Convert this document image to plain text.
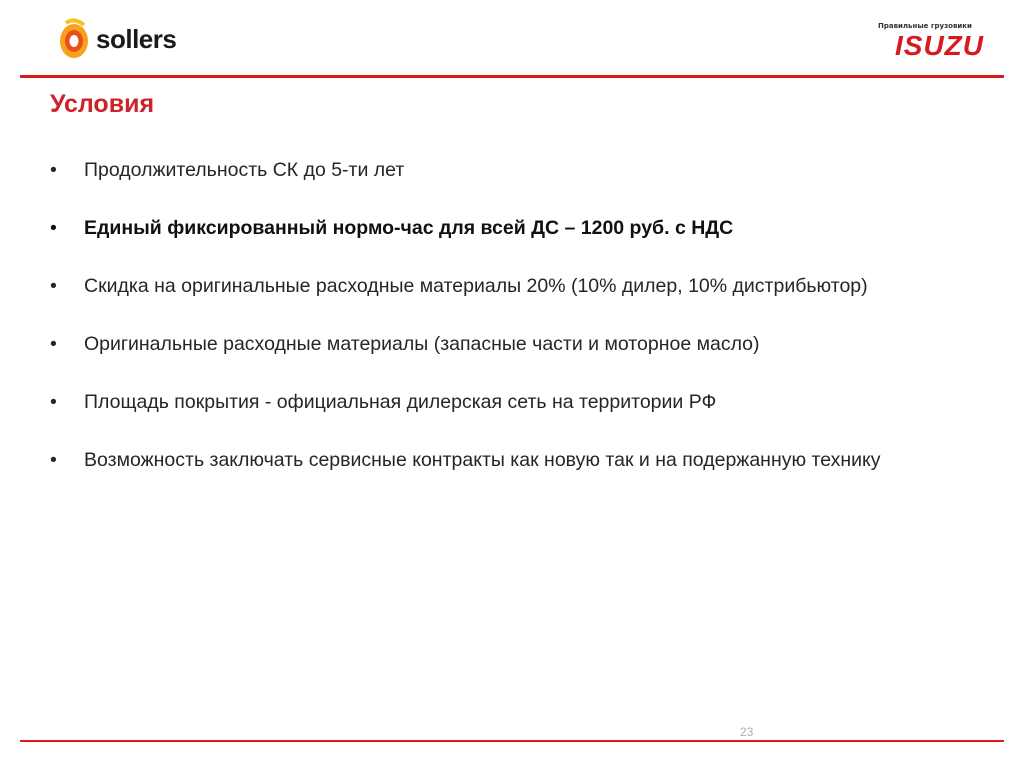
sollers	Правильные грузовики
ISUZU
Условия
•	Продолжительность СК до 5-ти лет
•	Единый фиксированный нормо-час для всей ДС – 1200 руб. с НДС
•	Скидка на оригинальные расходные материалы 20% (10% дилер, 10% дистрибьютор)
•	Оригинальные расходные материалы (запасные части и моторное масло)
•	Площадь покрытия - официальная дилерская сеть на территории РФ
•	Возможность заключать сервисные контракты как новую так и на подержанную технику
23
